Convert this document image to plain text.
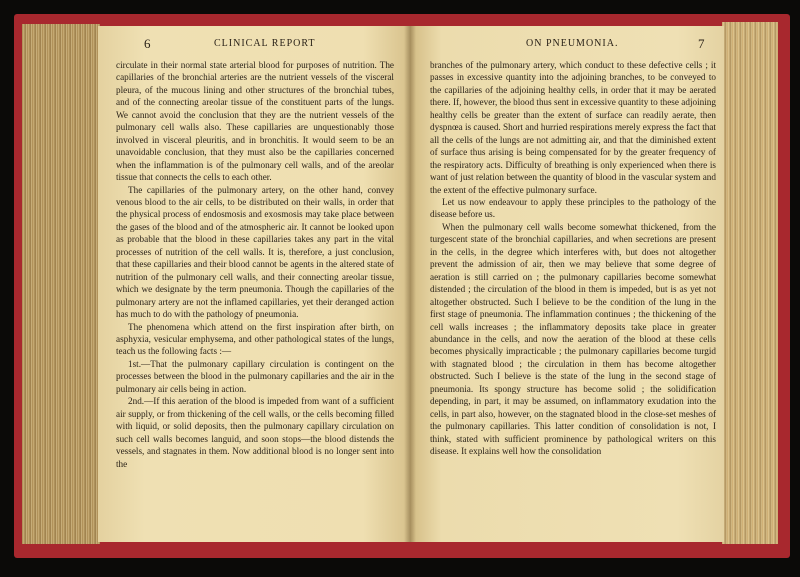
6	CLINICAL REPORT

circulate in their normal state arterial blood for purposes of nutrition. The capillaries of the bronchial arteries are the nutrient vessels of the visceral pleura, of the mucous lining and other structures of the bronchial tubes, and of the connecting areolar tissue of the constituent parts of the lungs. We cannot avoid the conclusion that they are the nutrient vessels of the pulmonary cell walls also. These capillaries are unquestionably those involved in visceral pleuritis, and in bronchitis. It would seem to be an unavoidable conclusion, that they must also be the capillaries concerned when the inflammation is of the pulmonary cell walls, and of the areolar tissue that connects the cells to each other.

The capillaries of the pulmonary artery, on the other hand, convey venous blood to the air cells, to be distributed on their walls, in order that the physical process of endosmosis and exosmosis may take place between the gases of the blood and of the atmospheric air. It cannot be looked upon as probable that the blood in these capillaries takes any part in the vital processes of nutrition of the cell walls. It is, therefore, a just conclusion, that these capillaries and their blood cannot be agents in the altered state of nutrition of the pulmonary cell walls, and their connecting areolar tissue, which we designate by the term pneumonia. Though the capillaries of the pulmonary artery are not the inflamed capillaries, yet their deranged action has much to do with the pathology of pneumonia.

The phenomena which attend on the first inspiration after birth, on asphyxia, vesicular emphysema, and other pathological states of the lungs, teach us the following facts :—

1st.—That the pulmonary capillary circulation is contingent on the processes between the blood in the pulmonary capillaries and the air in the pulmonary air cells being in action.

2nd.—If this aeration of the blood is impeded from want of a sufficient air supply, or from thickening of the cell walls, or the cells becoming filled with liquid, or solid deposits, then the pulmonary capillary circulation on such cell walls becomes languid, and soon stops—the blood distends the vessels, and stagnates in them. Now additional blood is no longer sent into the

ON PNEUMONIA.	7

branches of the pulmonary artery, which conduct to these defective cells ; it passes in excessive quantity into the adjoining branches, to be conveyed to the capillaries of the adjoining healthy cells, in order that it may be aerated there. If, however, the blood thus sent in excessive quantity to these adjoining healthy cells be greater than the extent of surface can readily aerate, then dyspnœa is caused. Short and hurried respirations merely express the fact that all the cells of the lungs are not admitting air, and that the diminished extent of surface thus arising is being compensated for by the greater frequency of the respiratory acts. Difficulty of breathing is only experienced when there is want of just relation between the quantity of blood in the vascular system and the extent of the effective pulmonary surface.

Let us now endeavour to apply these principles to the pathology of the disease before us.

When the pulmonary cell walls become somewhat thickened, from the turgescent state of the bronchial capillaries, and when secretions are present in the cells, in the degree which interferes with, but does not altogether prevent the admission of air, then we may believe that some degree of aeration is still carried on ; the pulmonary capillaries become somewhat distended ; the circulation of the blood in them is impeded, but is as yet not altogether obstructed. Such I believe to be the condition of the lung in the first stage of pneumonia. The inflammation continues ; the thickening of the cell walls increases ; the inflammatory deposits take place in greater abundance in the cells, and now the aeration of the blood at these cells becomes physically impracticable ; the pulmonary capillaries become turgid with stagnated blood ; the circulation in them has become altogether obstructed. Such I believe is the state of the lung in the second stage of pneumonia. Its spongy structure has become solid ; the solidification depending, in part, it may be assumed, on inflammatory exudation into the cells, in part also, however, on the stagnated blood in the close-set meshes of the pulmonary capillaries. This latter condition of consolidation is not, I think, stated with sufficient prominence by pathological writers on this disease. It explains well how the consolidation
